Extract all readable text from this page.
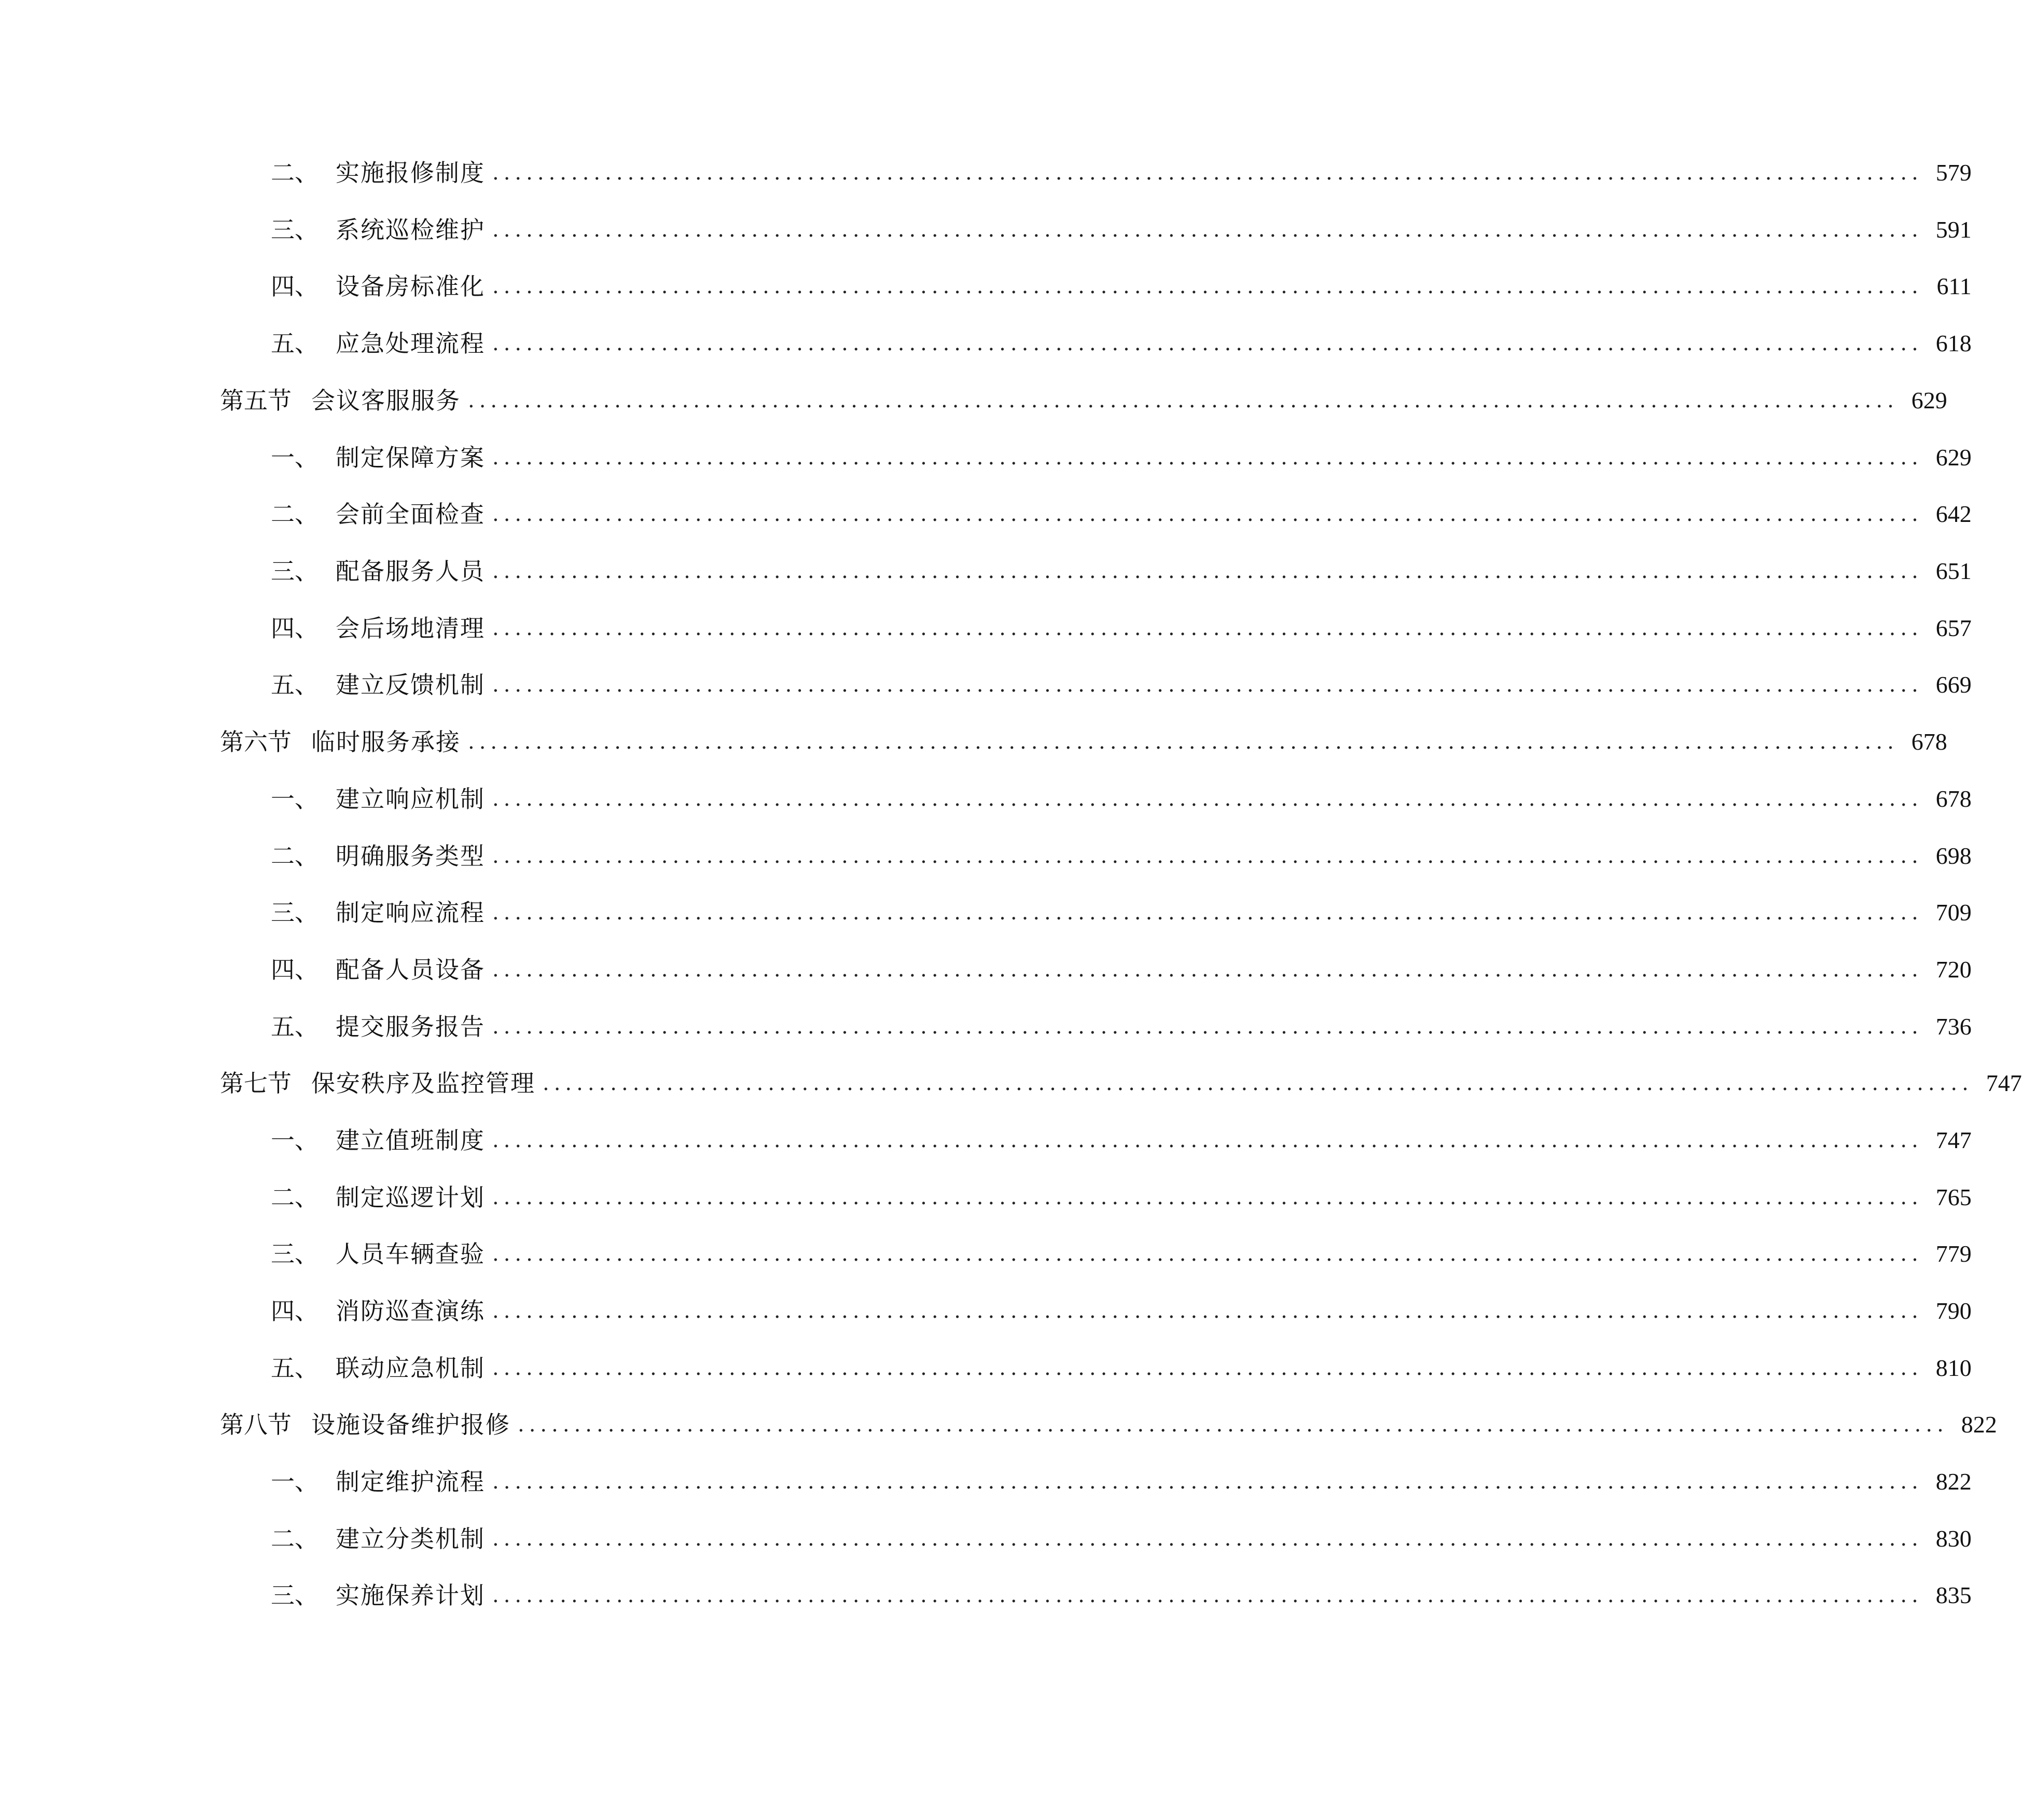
二、 实施报修制度 ............................................................................................................................... 579
三、 系统巡检维护 ............................................................................................................................... 591
四、 设备房标准化 ............................................................................................................................... 611
五、 应急处理流程 ............................................................................................................................... 618
第五节 会议客服服务 ............................................................................................................................... 629
一、 制定保障方案 ............................................................................................................................... 629
二、 会前全面检查 ............................................................................................................................... 642
三、 配备服务人员 ............................................................................................................................... 651
四、 会后场地清理 ............................................................................................................................... 657
五、 建立反馈机制 ............................................................................................................................... 669
第六节 临时服务承接 ............................................................................................................................... 678
一、 建立响应机制 ............................................................................................................................... 678
二、 明确服务类型 ............................................................................................................................... 698
三、 制定响应流程 ............................................................................................................................... 709
四、 配备人员设备 ............................................................................................................................... 720
五、 提交服务报告 ............................................................................................................................... 736
第七节 保安秩序及监控管理 ............................................................................................................................... 747
一、 建立值班制度 ............................................................................................................................... 747
二、 制定巡逻计划 ............................................................................................................................... 765
三、 人员车辆查验 ............................................................................................................................... 779
四、 消防巡查演练 ............................................................................................................................... 790
五、 联动应急机制 ............................................................................................................................... 810
第八节 设施设备维护报修 ............................................................................................................................... 822
一、 制定维护流程 ............................................................................................................................... 822
二、 建立分类机制 ............................................................................................................................... 830
三、 实施保养计划 ............................................................................................................................... 835
